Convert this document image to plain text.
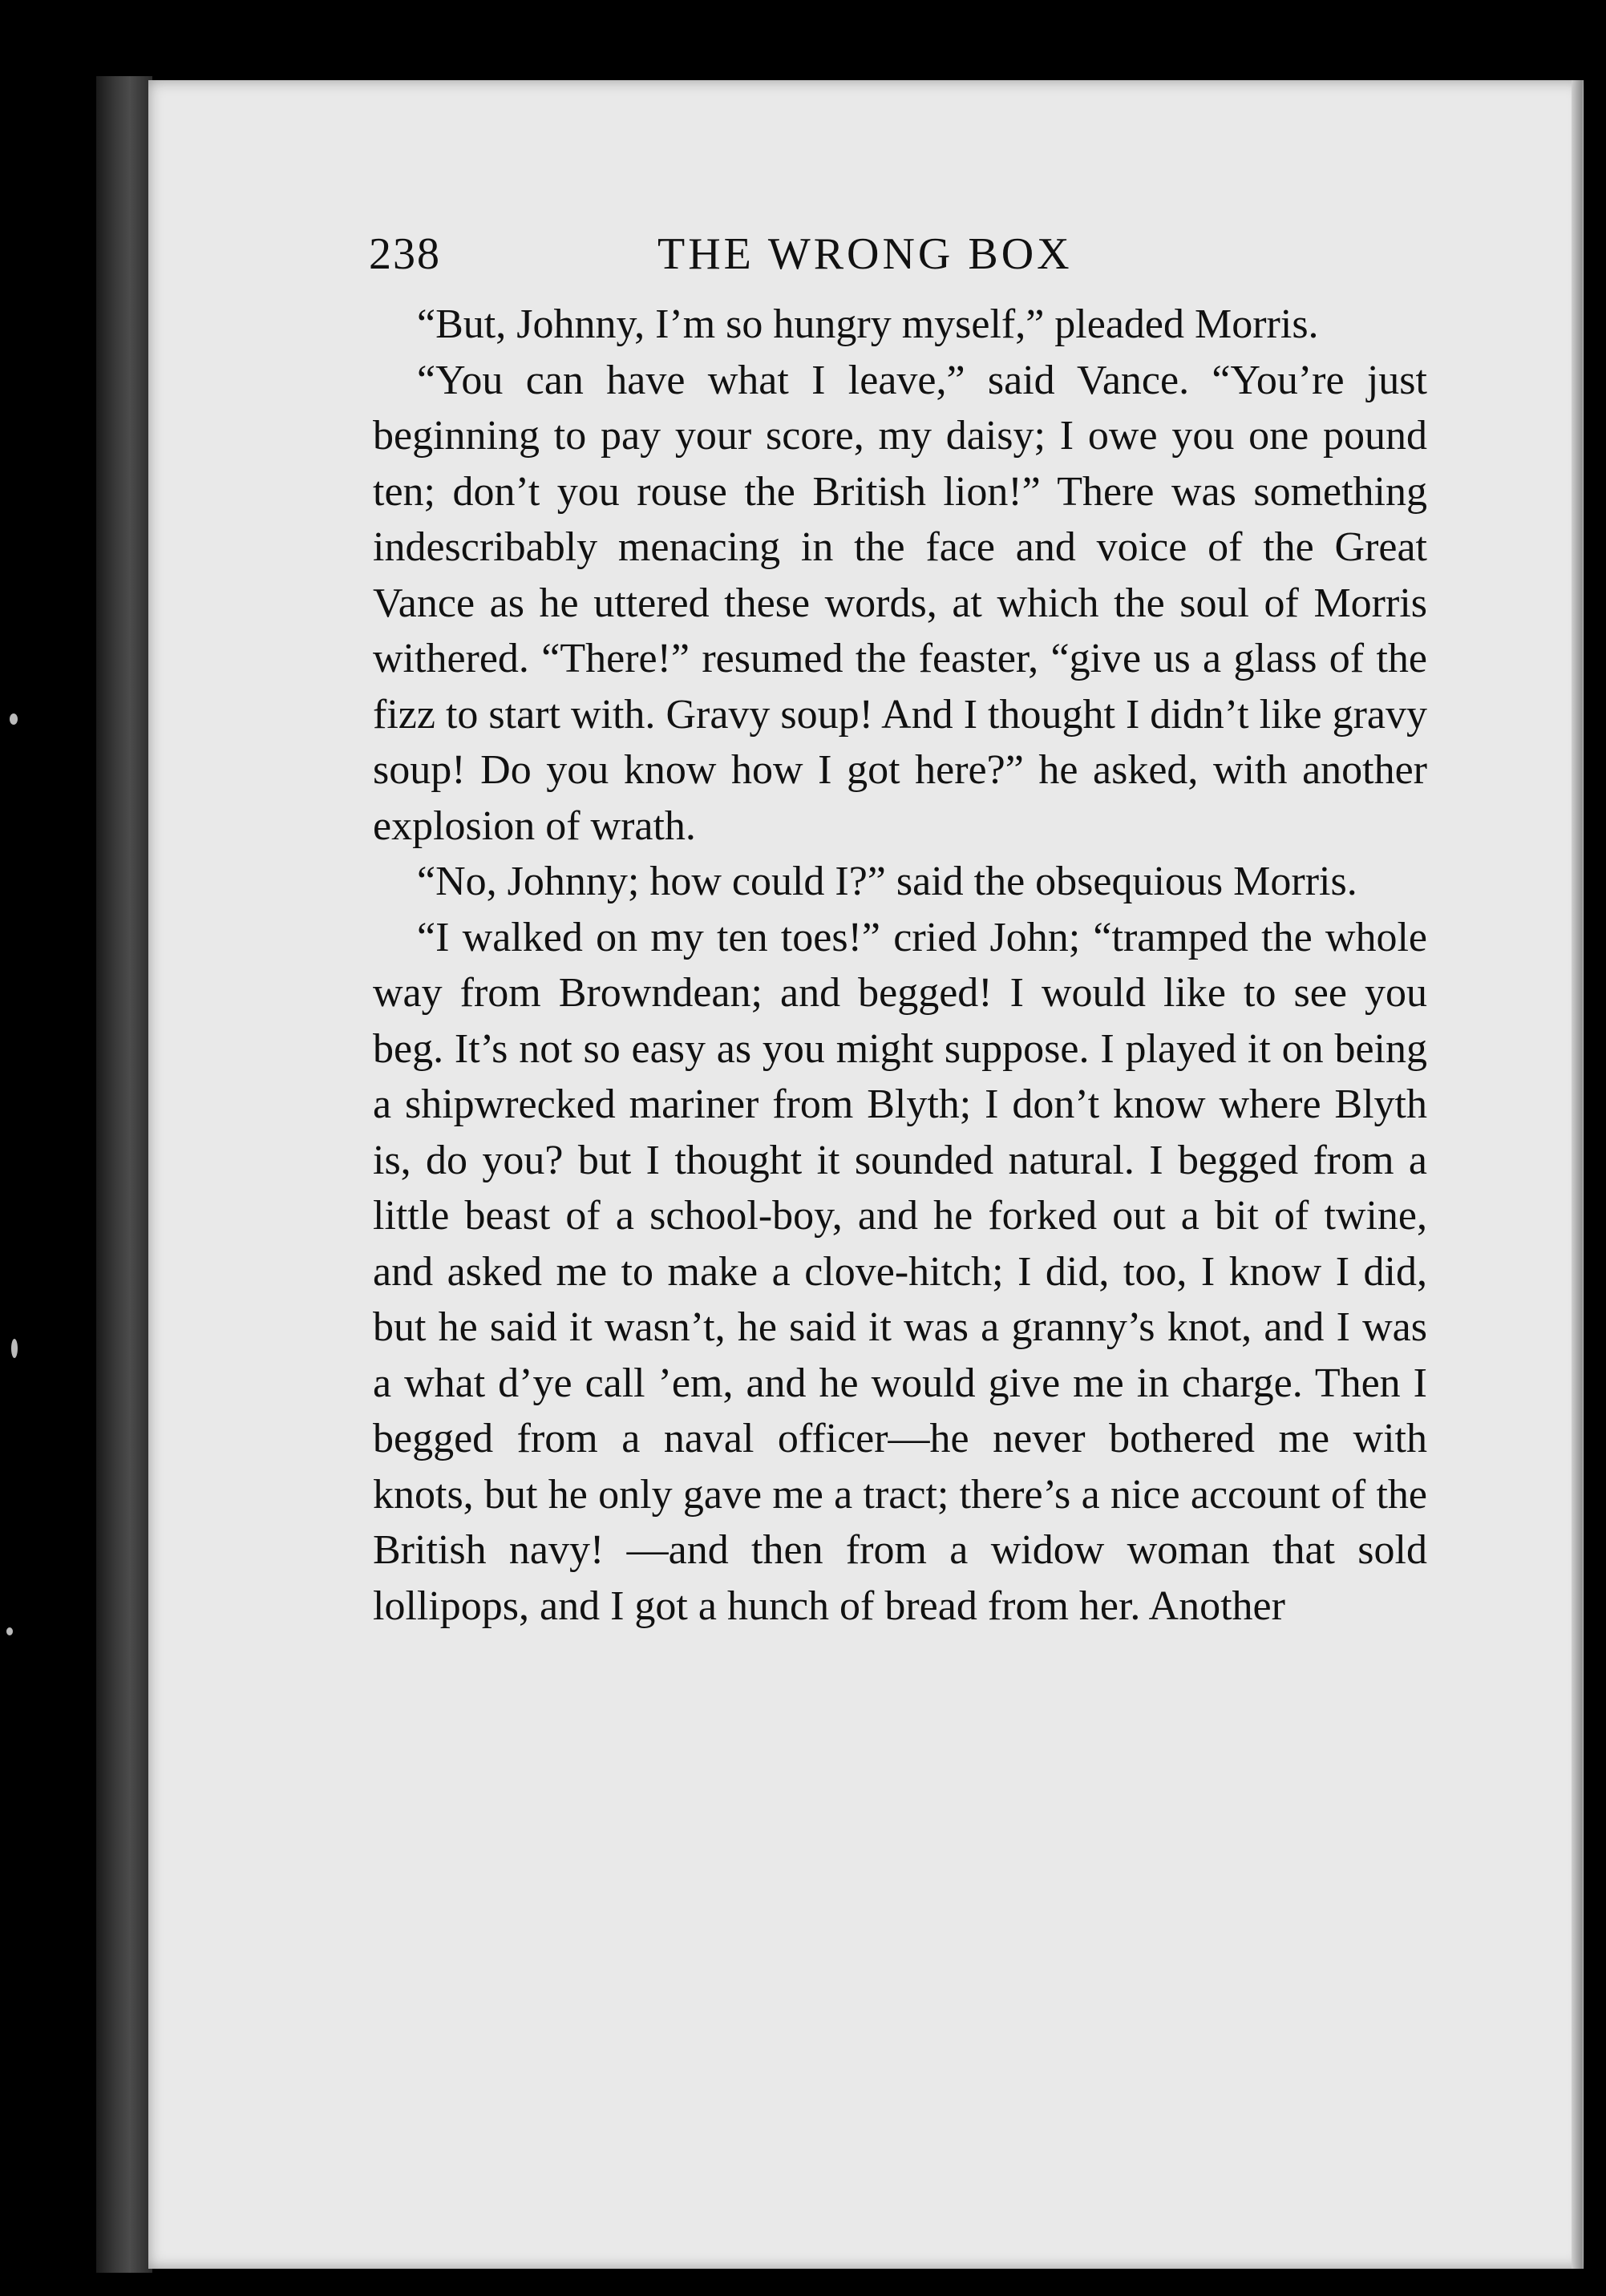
238	THE WRONG BOX

“But, Johnny, I’m so hungry myself,” pleaded Morris.

“You can have what I leave,” said Vance. “You’re just beginning to pay your score, my daisy; I owe you one pound ten; don’t you rouse the British lion!” There was something indescribably menacing in the face and voice of the Great Vance as he uttered these words, at which the soul of Morris withered. “There!” resumed the feaster, “give us a glass of the fizz to start with. Gravy soup! And I thought I didn’t like gravy soup! Do you know how I got here?” he asked, with another explosion of wrath.

“No, Johnny; how could I?” said the obsequious Morris.

“I walked on my ten toes!” cried John; “tramped the whole way from Browndean; and begged! I would like to see you beg. It’s not so easy as you might suppose. I played it on being a shipwrecked mariner from Blyth; I don’t know where Blyth is, do you? but I thought it sounded natural. I begged from a little beast of a school-boy, and he forked out a bit of twine, and asked me to make a clove-hitch; I did, too, I know I did, but he said it wasn’t, he said it was a granny’s knot, and I was a what d’ye call ’em, and he would give me in charge. Then I begged from a naval officer—he never bothered me with knots, but he only gave me a tract; there’s a nice account of the British navy! —and then from a widow woman that sold lollipops, and I got a hunch of bread from her. Another
